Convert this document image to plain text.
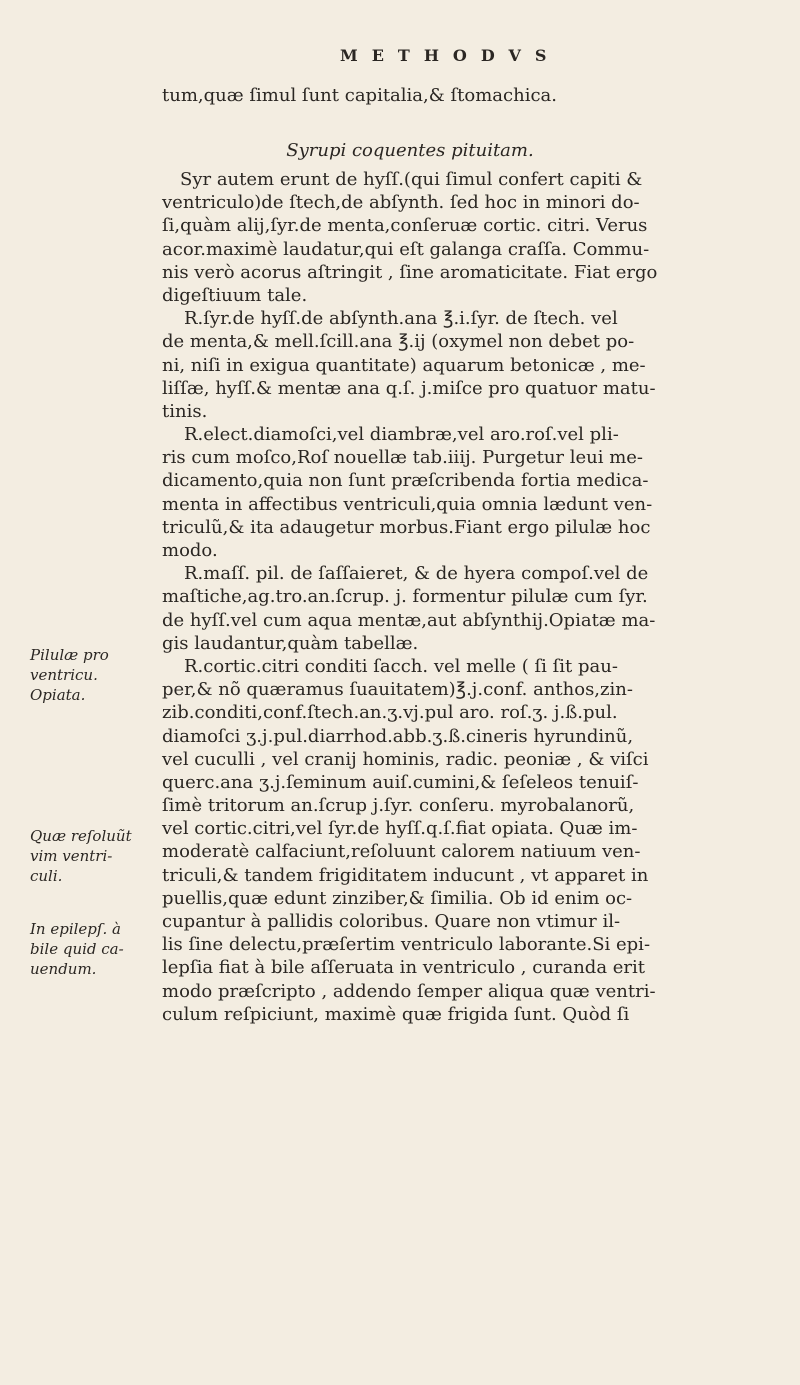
METHODVS
tum,quæ ſimul ſunt capitalia,& ſtomachica.
Syrupi coquentes pituitam.
Syr autem erunt de hyſſ.(qui ſimul confert capiti &
ventriculo)de ſtech,de abſynth. ſed hoc in minori do-
ſi,quàm alij,ſyr.de menta,conſeruæ cortic. citri. Verus
acor.maximè laudatur,qui eſt galanga craſſa. Commu-
nis verò acorus aſtringit , ſine aromaticitate. Fiat ergo
digeſtiuum tale.
R.ſyr.de hyſſ.de abſynth.ana ℥.i.ſyr. de ſtech. vel
de menta,& mell.ſcill.ana ℥.ij (oxymel non debet po-
ni, niſi in exigua quantitate) aquarum betonicæ , me-
liſſæ, hyſſ.& mentæ ana q.ſ. j.miſce pro quatuor matu-
tinis.
R.elect.diamoſci,vel diambræ,vel aro.roſ.vel pli-
ris cum moſco,Roſ nouellæ tab.iiij. Purgetur leui me-
dicamento,quia non ſunt præſcribenda fortia medica-
menta in affectibus ventriculi,quia omnia lædunt ven-
triculũ,& ita adaugetur morbus.Fiant ergo pilulæ hoc
modo.
R.maſſ. pil. de ſaſſaieret, & de hyera compoſ.vel de
maſtiche,ag.tro.an.ſcrup. j. formentur pilulæ cum ſyr.
de hyſſ.vel cum aqua mentæ,aut abſynthij.Opiatæ ma-
gis laudantur,quàm tabellæ.
R.cortic.citri conditi ſacch. vel melle ( ſi ſit pau-
per,& nõ quæramus ſuauitatem)℥.j.conf. anthos,zin-
zib.conditi,conf.ſtech.an.ʒ.vj.pul aro. roſ.ʒ. j.ß.pul.
diamoſci ʒ.j.pul.diarrhod.abb.ʒ.ß.cineris hyrundinũ,
vel cuculli , vel cranij hominis, radic. peoniæ , & viſci
querc.ana ʒ.j.ſeminum auiſ.cumini,& ſeſeleos tenuiſ-
ſimè tritorum an.ſcrup j.ſyr. conſeru. myrobalanorũ,
vel cortic.citri,vel ſyr.de hyſſ.q.ſ.fiat opiata. Quæ im-
moderatè calfaciunt,reſoluunt calorem natiuum ven-
triculi,& tandem frigiditatem inducunt , vt apparet in
puellis,quæ edunt zinziber,& ſimilia. Ob id enim oc-
cupantur à pallidis coloribus. Quare non vtimur il-
lis ſine delectu,præſertim ventriculo laborante.Si epi-
lepſia fiat à bile aſſeruata in ventriculo , curanda erit
modo præſcripto , addendo ſemper aliqua quæ ventri-
culum reſpiciunt, maximè quæ frigida ſunt. Quòd ſi
Pilulæ pro
ventricu.
Opiata.
Quæ reſoluũt
vim ventri-
culi.
In epilepſ. à
bile quid ca-
uendum.
